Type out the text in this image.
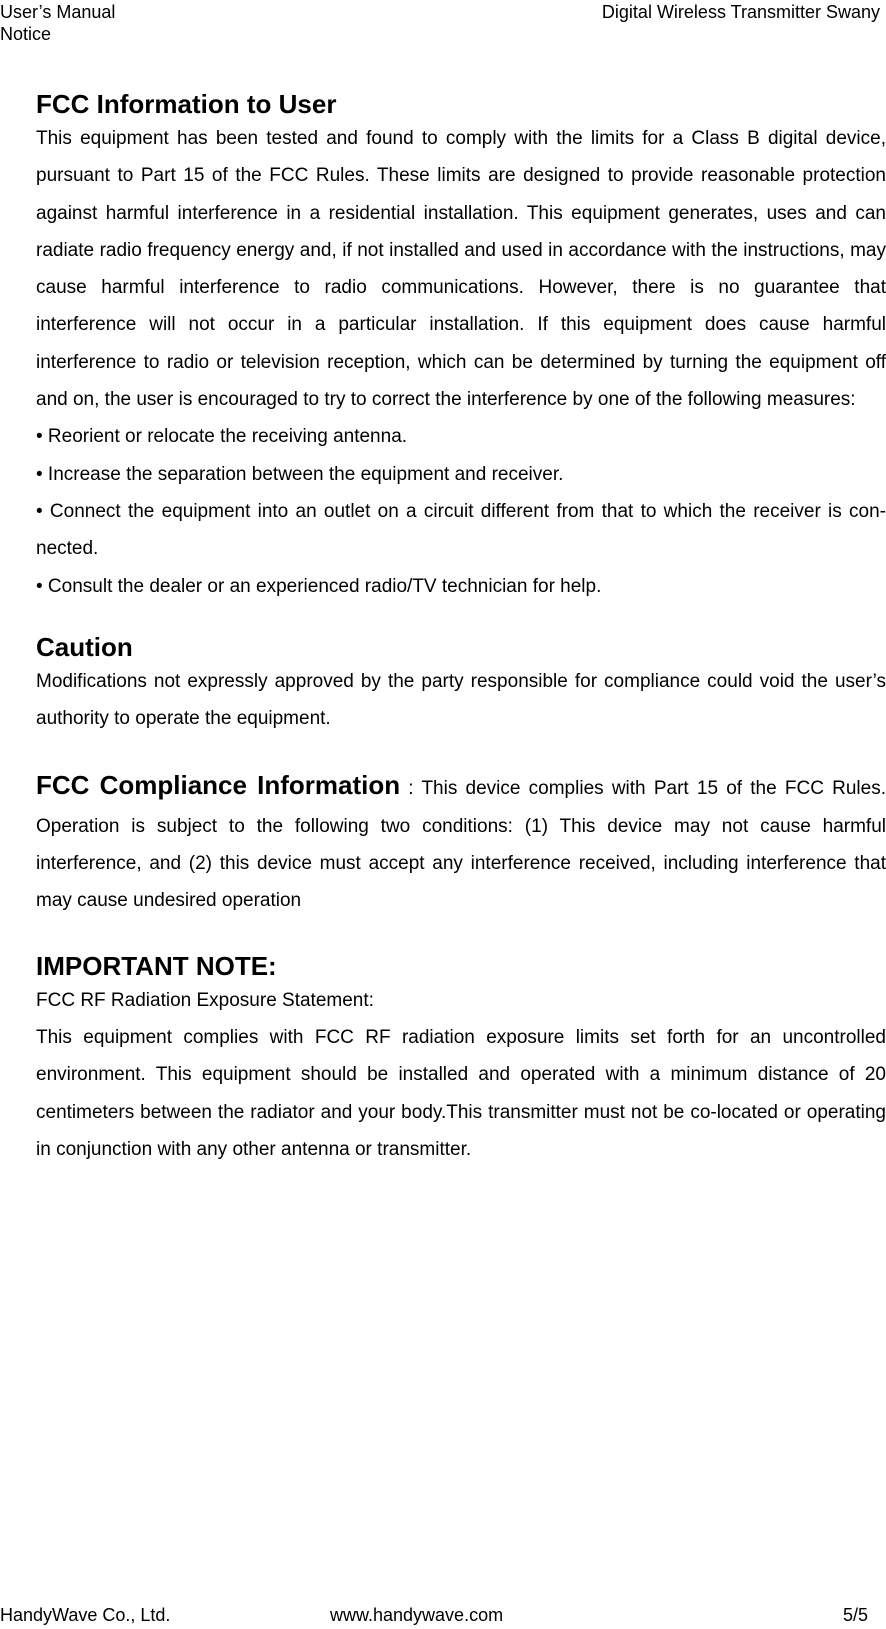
User’s Manual	Digital Wireless Transmitter Swany
Notice
FCC Information to User

This equipment has been tested and found to comply with the limits for a Class B digital device, pursuant to Part 15 of the FCC Rules. These limits are designed to provide reasonable protection against harmful interference in a residential installation. This equipment generates, uses and can radiate radio frequency energy and, if not installed and used in accordance with the instructions, may cause harmful interference to radio communications. However, there is no guarantee that interference will not occur in a particular installation. If this equipment does cause harmful interference to radio or television reception, which can be determined by turning the equipment off and on, the user is encouraged to try to correct the interference by one of the following measures:

• Reorient or relocate the receiving antenna.

• Increase the separation between the equipment and receiver.

• Connect the equipment into an outlet on a circuit different from that to which the receiver is con-nected.

• Consult the dealer or an experienced radio/TV technician for help.

Caution

Modifications not expressly approved by the party responsible for compliance could void the user’s authority to operate the equipment.

FCC Compliance Information : This device complies with Part 15 of the FCC Rules. Operation is subject to the following two conditions: (1) This device may not cause harmful interference, and (2) this device must accept any interference received, including interference that may cause undesired operation

IMPORTANT NOTE:

FCC RF Radiation Exposure Statement:

This equipment complies with FCC RF radiation exposure limits set forth for an uncontrolled environment. This equipment should be installed and operated with a minimum distance of 20 centimeters between the radiator and your body.This transmitter must not be co-located or operating in conjunction with any other antenna or transmitter.

HandyWave Co., Ltd.	www.handywave.com	5/5
